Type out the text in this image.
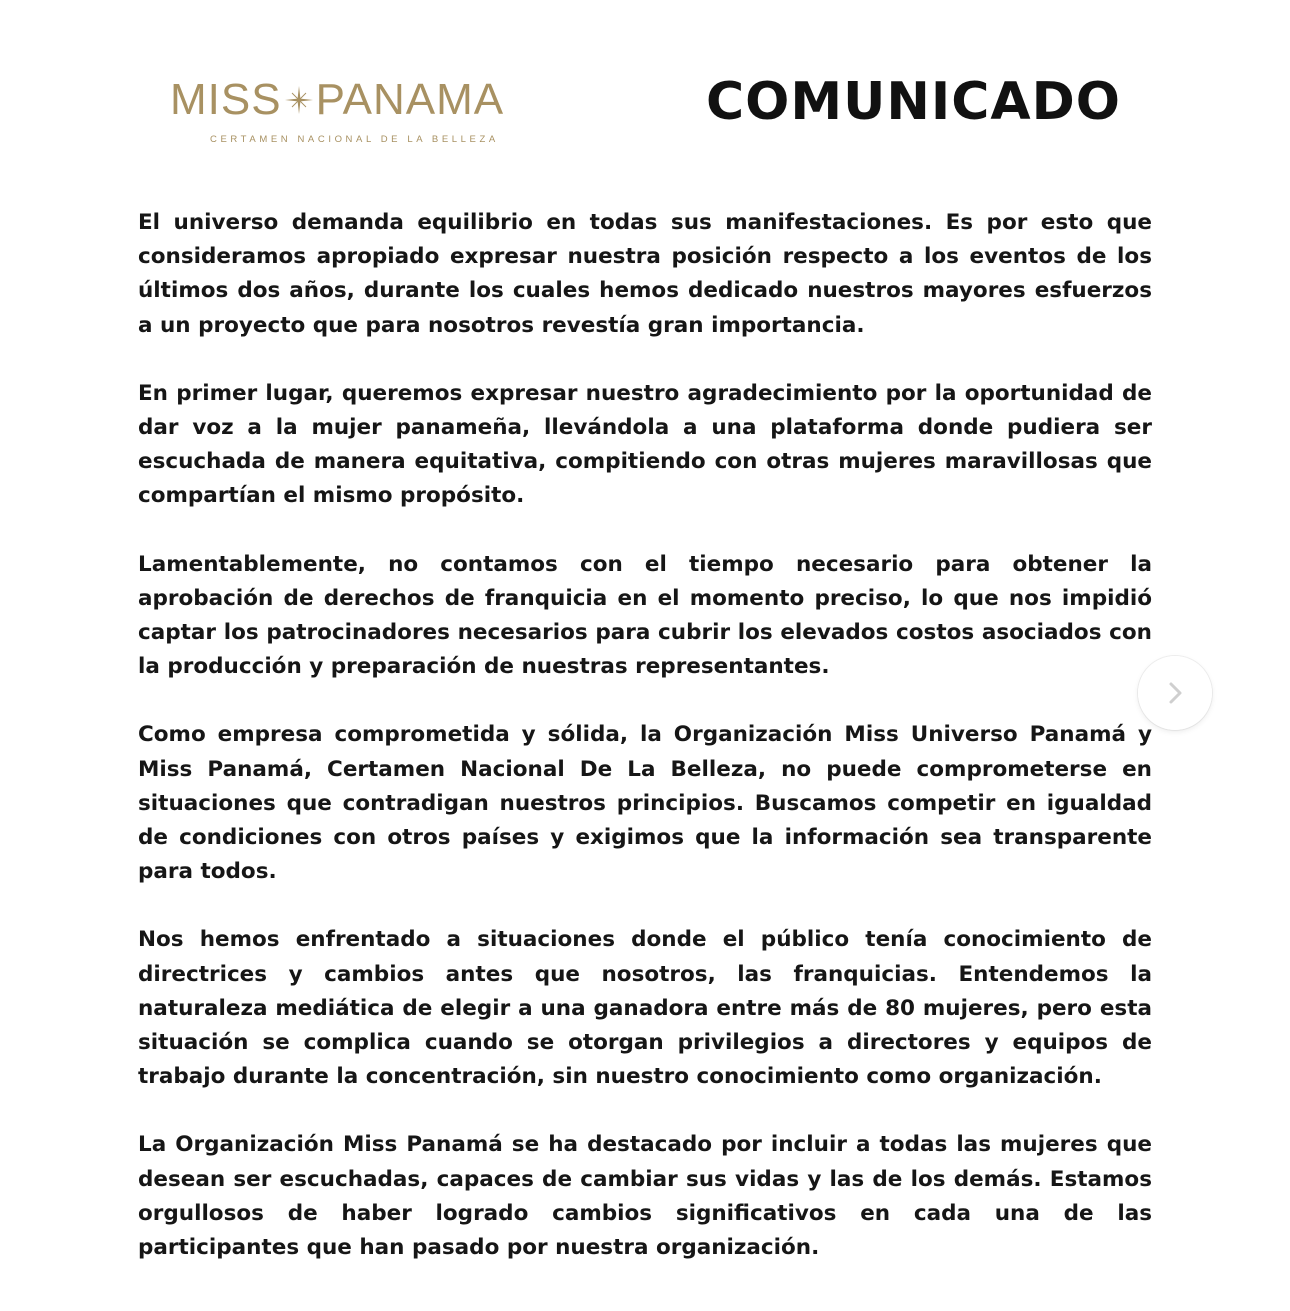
MISS PANAMA
CERTAMEN NACIONAL DE LA BELLEZA
COMUNICADO

El universo demanda equilibrio en todas sus manifestaciones. Es por esto que consideramos apropiado expresar nuestra posición respecto a los eventos de los últimos dos años, durante los cuales hemos dedicado nuestros mayores esfuerzos a un proyecto que para nosotros revestía gran importancia.

En primer lugar, queremos expresar nuestro agradecimiento por la oportunidad de dar voz a la mujer panameña, llevándola a una plataforma donde pudiera ser escuchada de manera equitativa, compitiendo con otras mujeres maravillosas que compartían el mismo propósito.

Lamentablemente, no contamos con el tiempo necesario para obtener la aprobación de derechos de franquicia en el momento preciso, lo que nos impidió captar los patrocinadores necesarios para cubrir los elevados costos asociados con la producción y preparación de nuestras representantes.

Como empresa comprometida y sólida, la Organización Miss Universo Panamá y Miss Panamá, Certamen Nacional De La Belleza, no puede comprometerse en situaciones que contradigan nuestros principios. Buscamos competir en igualdad de condiciones con otros países y exigimos que la información sea transparente para todos.

Nos hemos enfrentado a situaciones donde el público tenía conocimiento de directrices y cambios antes que nosotros, las franquicias. Entendemos la naturaleza mediática de elegir a una ganadora entre más de 80 mujeres, pero esta situación se complica cuando se otorgan privilegios a directores y equipos de trabajo durante la concentración, sin nuestro conocimiento como organización.

La Organización Miss Panamá se ha destacado por incluir a todas las mujeres que desean ser escuchadas, capaces de cambiar sus vidas y las de los demás. Estamos orgullosos de haber logrado cambios significativos en cada una de las participantes que han pasado por nuestra organización.
